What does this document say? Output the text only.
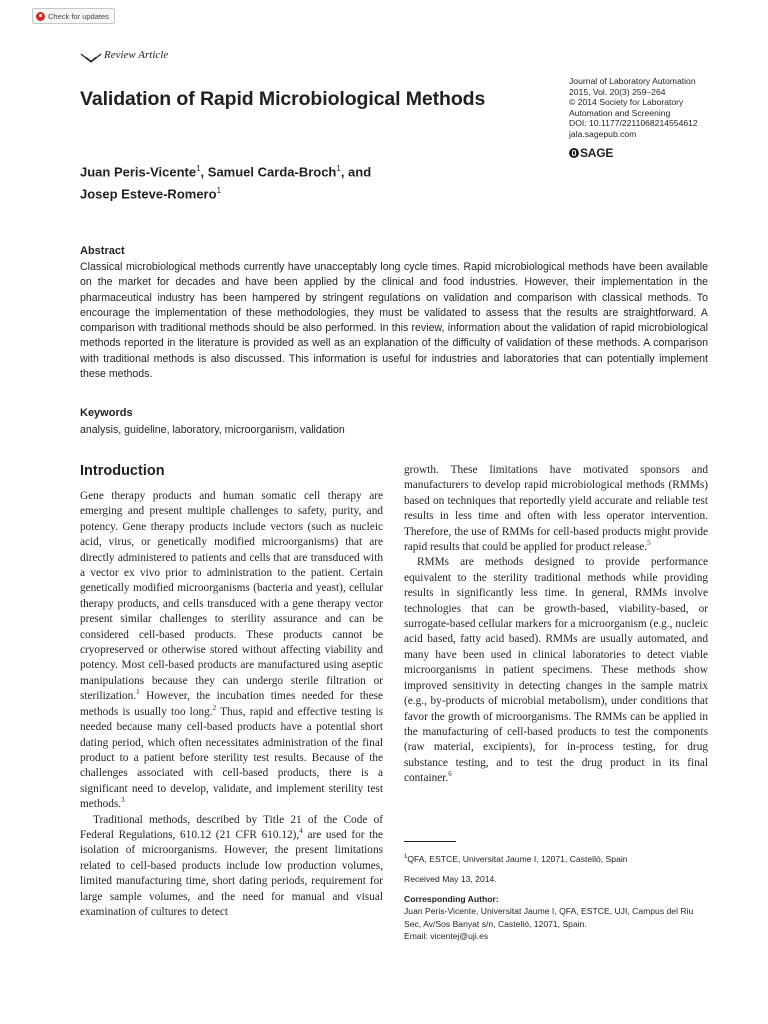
Check for updates
Review Article
Validation of Rapid Microbiological Methods
Journal of Laboratory Automation
2015, Vol. 20(3) 259–264
© 2014 Society for Laboratory
Automation and Screening
DOI: 10.1177/2211068214554612
jala.sagepub.com
SAGE
Juan Peris-Vicente$^1$, Samuel Carda-Broch$^1$, and
Josep Esteve-Romero$^1$
Abstract
Classical microbiological methods currently have unacceptably long cycle times. Rapid microbiological methods have been available on the market for decades and have been applied by the clinical and food industries. However, their implementation in the pharmaceutical industry has been hampered by stringent regulations on validation and comparison with classical methods. To encourage the implementation of these methodologies, they must be validated to assess that the results are straightforward. A comparison with traditional methods should be also performed. In this review, information about the validation of rapid microbiological methods reported in the literature is provided as well as an explanation of the difficulty of validation of these methods. A comparison with traditional methods is also discussed. This information is useful for industries and laboratories that can potentially implement these methods.
Keywords
analysis, guideline, laboratory, microorganism, validation
Introduction

Gene therapy products and human somatic cell therapy are emerging and present multiple challenges to safety, purity, and potency. Gene therapy products include vectors (such as nucleic acid, virus, or genetically modified microorganisms) that are directly administered to patients and cells that are transduced with a vector ex vivo prior to administration to the patient. Certain genetically modified microorganisms (bacteria and yeast), cellular therapy products, and cells transduced with a gene therapy vector present similar challenges to sterility assurance and can be considered cell-based products. These products cannot be cryopreserved or otherwise stored without affecting viability and potency. Most cell-based products are manufactured using aseptic manipulations because they can undergo sterile filtration or sterilization.$^1$ However, the incubation times needed for these methods is usually too long.$^2$ Thus, rapid and effective testing is needed because many cell-based products have a potential short dating period, which often necessitates administration of the final product to a patient before sterility test results. Because of the challenges associated with cell-based products, there is a significant need to develop, validate, and implement sterility test methods.$^3$

Traditional methods, described by Title 21 of the Code of Federal Regulations, 610.12 (21 CFR 610.12),$^4$ are used for the isolation of microorganisms. However, the present limitations related to cell-based products include low production volumes, limited manufacturing time, short dating periods, requirement for large sample volumes, and the need for manual and visual examination of cultures to detect

growth. These limitations have motivated sponsors and manufacturers to develop rapid microbiological methods (RMMs) based on techniques that reportedly yield accurate and reliable test results in less time and often with less operator intervention. Therefore, the use of RMMs for cell-based products might provide rapid results that could be applied for product release.$^5$

RMMs are methods designed to provide performance equivalent to the sterility traditional methods while providing results in significantly less time. In general, RMMs involve technologies that can be growth-based, viability-based, or surrogate-based cellular markers for a microorganism (e.g., nucleic acid based, fatty acid based). RMMs are usually automated, and many have been used in clinical laboratories to detect viable microorganisms in patient specimens. These methods show improved sensitivity in detecting changes in the sample matrix (e.g., by-products of microbial metabolism), under conditions that favor the growth of microorganisms. The RMMs can be applied in the manufacturing of cell-based products to test the components (raw material, excipients), for in-process testing, for drug substance testing, and to test the drug product in its final container.$^6$

$^1$QFA, ESTCE, Universitat Jaume I, 12071, Castelló, Spain
Received May 13, 2014.
Corresponding Author:
Juan Peris-Vicente, Universitat Jaume I, QFA, ESTCE, UJI, Campus del Riu Sec, Av/Sos Banyat s/n, Castelló, 12071, Spain.
Email: vicentej@uji.es
